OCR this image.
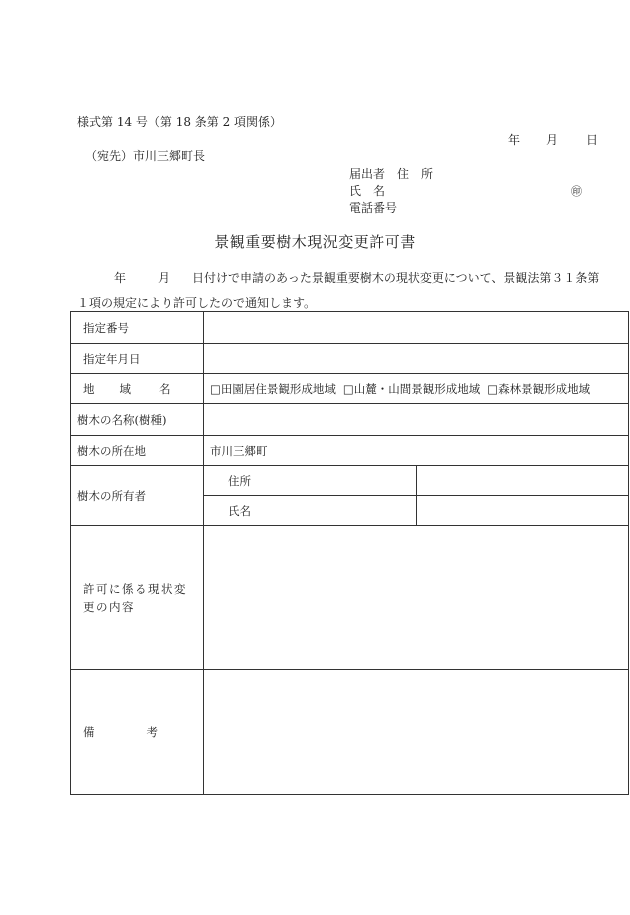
様式第 14 号（第 18 条第 2 項関係）
年 月 日
（宛先）市川三郷町長
届出者　住　所
氏　名
電話番号
㊞
景観重要樹木現況変更許可書
年	月 日付けで申請のあった景観重要樹木の現状変更について、景観法第３１条第１項の規定により許可したので通知します。
指定番号		
指定年月日		
地 域 名	□田園居住景観形成地域 □山麓・山間景観形成地域 □森林景観形成地域	
樹木の名称(樹種)		
樹木の所在地	市川三郷町	
樹木の所有者	住所	
	氏名	
許可に係る現状変更の内容		
備 考		
